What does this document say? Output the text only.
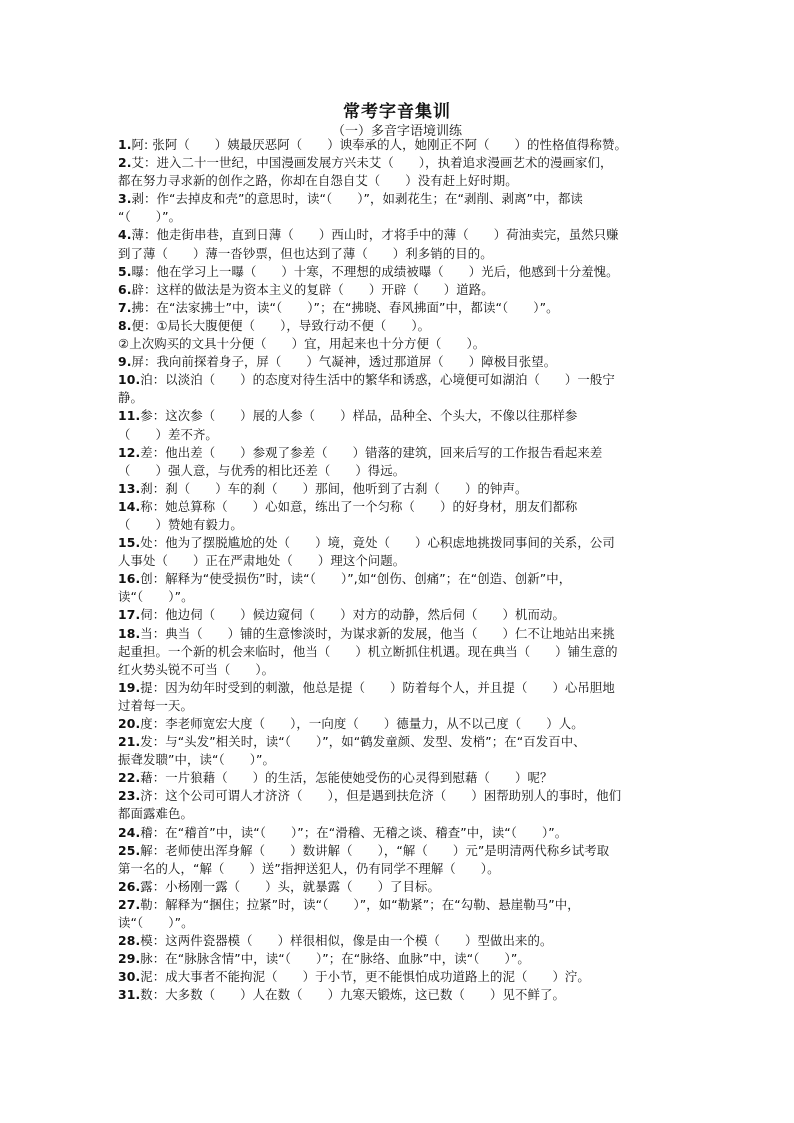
常考字音集训
（一）多音字语境训练
1.阿: 张阿（　　）姨最厌恶阿（　　）谀奉承的人，她刚正不阿（　　）的性格值得称赞。
2.艾：进入二十一世纪，中国漫画发展方兴未艾（　　），执着追求漫画艺术的漫画家们，
都在努力寻求新的创作之路，你却在自怨自艾（　　）没有赶上好时期。
3.剥：作“去掉皮和壳”的意思时，读“（　　）”，如剥花生；在“剥削、剥离”中，都读
“（　　）”。
4.薄：他走街串巷，直到日薄（　　）西山时，才将手中的薄（　　）荷油卖完，虽然只赚
到了薄（　　）薄一沓钞票，但也达到了薄（　　）利多销的目的。
5.曝：他在学习上一曝（　　）十寒，不理想的成绩被曝（　　）光后，他感到十分羞愧。
6.辟：这样的做法是为资本主义的复辟（　　）开辟（　　）道路。
7.拂：在“法家拂士”中，读“（　　）”；在“拂晓、春风拂面”中，都读“（　　）”。
8.便：①局长大腹便便（　　），导致行动不便（　　）。
②上次购买的文具十分便（　　）宜，用起来也十分方便（　　）。
9.屏：我向前探着身子，屏（　　）气凝神，透过那道屏（　　）障极目张望。
10.泊：以淡泊（　　）的态度对待生活中的繁华和诱惑，心境便可如湖泊（　　）一般宁
静。
11.参：这次参（　　）展的人参（　　）样品，品种全、个头大，不像以往那样参
（　　）差不齐。
12.差：他出差（　　）参观了参差（　　）错落的建筑，回来后写的工作报告看起来差
（　　）强人意，与优秀的相比还差（　　）得远。
13.刹：刹（　　）车的刹（　　）那间，他听到了古刹（　　）的钟声。
14.称：她总算称（　　）心如意，练出了一个匀称（　　）的好身材，朋友们都称
（　　）赞她有毅力。
15.处：他为了摆脱尴尬的处（　　）境，竟处（　　）心积虑地挑拨同事间的关系，公司
人事处（　　）正在严肃地处（　　）理这个问题。
16.创：解释为“使受损伤”时，读“（　　）”,如“创伤、创痛”；在“创造、创新”中，
读“（　　）”。
17.伺：他边伺（　　）候边窥伺（　　）对方的动静，然后伺（　　）机而动。
18.当：典当（　　）铺的生意惨淡时，为谋求新的发展，他当（　　）仁不让地站出来挑
起重担。一个新的机会来临时，他当（　　）机立断抓住机遇。现在典当（　　）铺生意的
红火势头锐不可当（　　）。
19.提：因为幼年时受到的刺激，他总是提（　　）防着每个人，并且提（　　）心吊胆地
过着每一天。
20.度：李老师宽宏大度（　　），一向度（　　）德量力，从不以己度（　　）人。
21.发：与“头发”相关时，读“（　　）”，如“鹤发童颜、发型、发梢”；在“百发百中、
振聋发聩”中，读“（　　）”。
22.藉：一片狼藉（　　）的生活，怎能使她受伤的心灵得到慰藉（　　）呢？
23.济：这个公司可谓人才济济（　　），但是遇到扶危济（　　）困帮助别人的事时，他们
都面露难色。
24.稽：在“稽首”中，读“（　　）”；在“滑稽、无稽之谈、稽查”中，读“（　　）”。
25.解：老师使出浑身解（　　）数讲解（　　），“解（　　）元”是明清两代称乡试考取
第一名的人，“解（　　）送”指押送犯人，仍有同学不理解（　　）。
26.露：小杨刚一露（　　）头，就暴露（　　）了目标。
27.勒：解释为“捆住；拉紧”时，读“（　　）”，如“勒紧”；在“勾勒、悬崖勒马”中，
读“（　　）”。
28.模：这两件瓷器模（　　）样很相似，像是由一个模（　　）型做出来的。
29.脉：在“脉脉含情”中，读“（　　）”；在“脉络、血脉”中，读“（　　）”。
30.泥：成大事者不能拘泥（　　）于小节，更不能惧怕成功道路上的泥（　　）泞。
31.数：大多数（　　）人在数（　　）九寒天锻炼，这已数（　　）见不鲜了。
